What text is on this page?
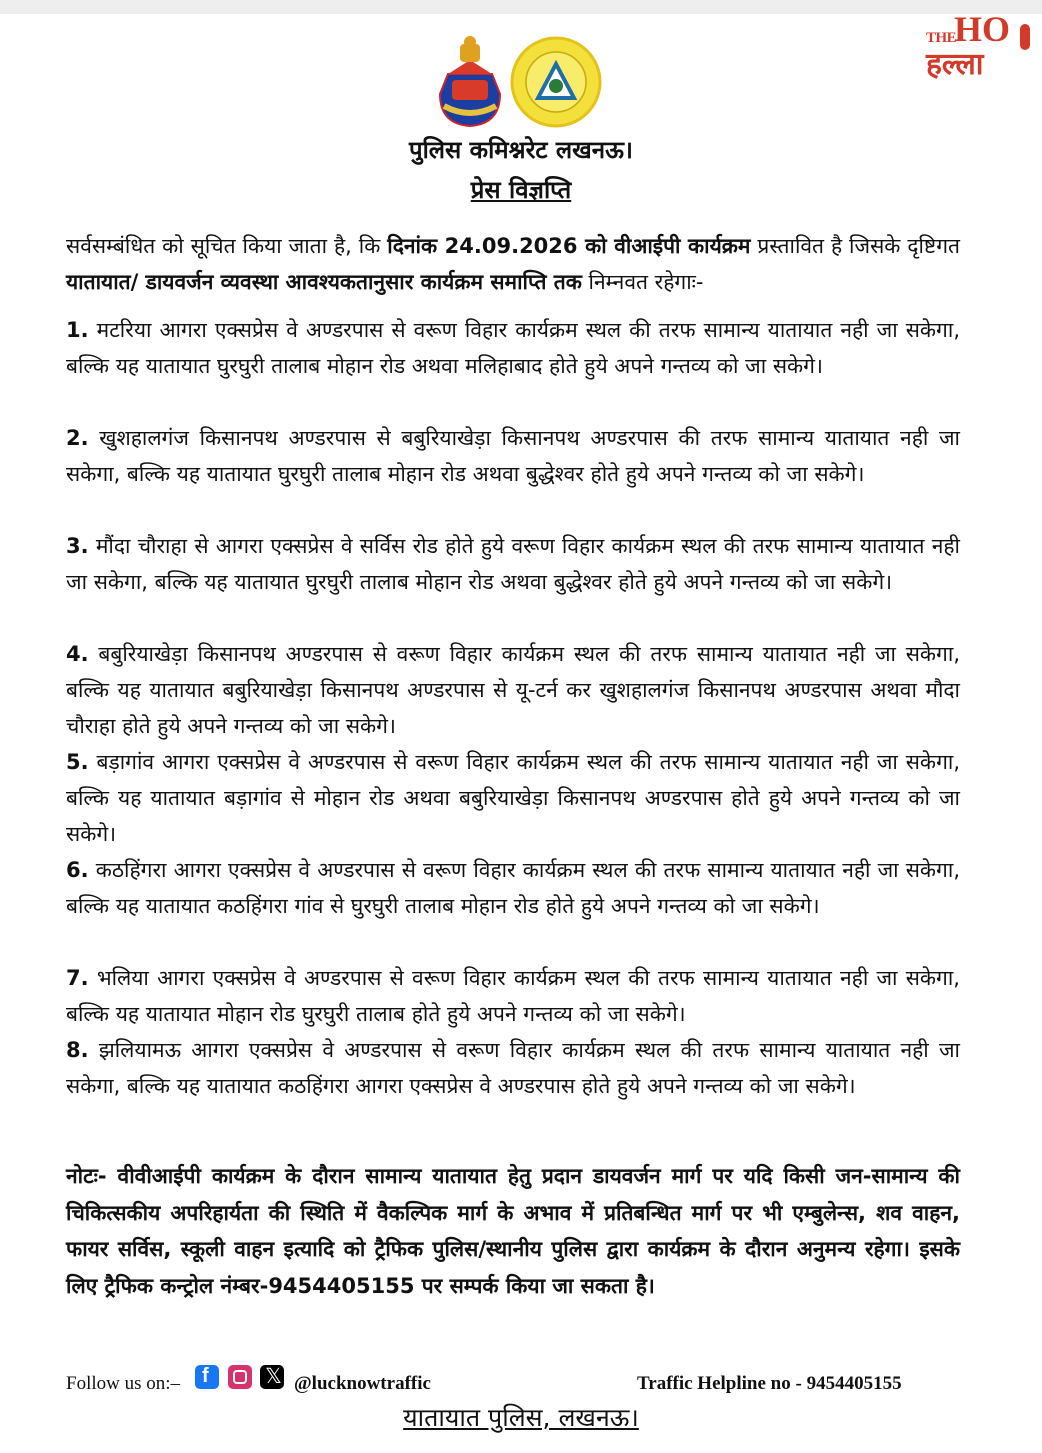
THE
HO
हल्ला
पुलिस कमिश्नरेट लखनऊ।
प्रेस विज्ञप्ति

सर्वसम्बंधित को सूचित किया जाता है, कि दिनांक 24.09.2026 को वीआईपी कार्यक्रम प्रस्तावित है जिसके दृष्टिगत यातायात/ डायवर्जन व्यवस्था आवश्यकतानुसार कार्यक्रम समाप्ति तक निम्नवत रहेगाः-

1. मटरिया आगरा एक्सप्रेस वे अण्डरपास से वरूण विहार कार्यक्रम स्थल की तरफ सामान्य यातायात नही जा सकेगा, बल्कि यह यातायात घुरघुरी तालाब मोहान रोड अथवा मलिहाबाद होते हुये अपने गन्तव्य को जा सकेगे।

2. खुशहालगंज किसानपथ अण्डरपास से बबुरियाखेड़ा किसानपथ अण्डरपास की तरफ सामान्य यातायात नही जा सकेगा, बल्कि यह यातायात घुरघुरी तालाब मोहान रोड अथवा बुद्धेश्वर होते हुये अपने गन्तव्य को जा सकेगे।

3. मौंदा चौराहा से आगरा एक्सप्रेस वे सर्विस रोड होते हुये वरूण विहार कार्यक्रम स्थल की तरफ सामान्य यातायात नही जा सकेगा, बल्कि यह यातायात घुरघुरी तालाब मोहान रोड अथवा बुद्धेश्वर होते हुये अपने गन्तव्य को जा सकेगे।

4. बबुरियाखेड़ा किसानपथ अण्डरपास से वरूण विहार कार्यक्रम स्थल की तरफ सामान्य यातायात नही जा सकेगा, बल्कि यह यातायात बबुरियाखेड़ा किसानपथ अण्डरपास से यू-टर्न कर खुशहालगंज किसानपथ अण्डरपास अथवा मौदा चौराहा होते हुये अपने गन्तव्य को जा सकेगे।

5. बड़ागांव आगरा एक्सप्रेस वे अण्डरपास से वरूण विहार कार्यक्रम स्थल की तरफ सामान्य यातायात नही जा सकेगा, बल्कि यह यातायात बड़ागांव से मोहान रोड अथवा बबुरियाखेड़ा किसानपथ अण्डरपास होते हुये अपने गन्तव्य को जा सकेगे।

6. कठहिंगरा आगरा एक्सप्रेस वे अण्डरपास से वरूण विहार कार्यक्रम स्थल की तरफ सामान्य यातायात नही जा सकेगा, बल्कि यह यातायात कठहिंगरा गांव से घुरघुरी तालाब मोहान रोड होते हुये अपने गन्तव्य को जा सकेगे।

7. भलिया आगरा एक्सप्रेस वे अण्डरपास से वरूण विहार कार्यक्रम स्थल की तरफ सामान्य यातायात नही जा सकेगा, बल्कि यह यातायात मोहान रोड घुरघुरी तालाब होते हुये अपने गन्तव्य को जा सकेगे।

8. झलियामऊ आगरा एक्सप्रेस वे अण्डरपास से वरूण विहार कार्यक्रम स्थल की तरफ सामान्य यातायात नही जा सकेगा, बल्कि यह यातायात कठहिंगरा आगरा एक्सप्रेस वे अण्डरपास होते हुये अपने गन्तव्य को जा सकेगे।

नोटः- वीवीआईपी कार्यक्रम के दौरान सामान्य यातायात हेतु प्रदान डायवर्जन मार्ग पर यदि किसी जन-सामान्य की चिकित्सकीय अपरिहार्यता की स्थिति में वैकल्पिक मार्ग के अभाव में प्रतिबन्धित मार्ग पर भी एम्बुलेन्स, शव वाहन, फायर सर्विस, स्कूली वाहन इत्यादि को ट्रैफिक पुलिस/स्थानीय पुलिस द्वारा कार्यक्रम के दौरान अनुमन्य रहेगा। इसके लिए ट्रैफिक कन्ट्रोल नंम्बर-9454405155 पर सम्पर्क किया जा सकता है।

Follow us on:– f	𝕏 @lucknowtraffic	Traffic Helpline no - 9454405155
यातायात पुलिस, लखनऊ।
